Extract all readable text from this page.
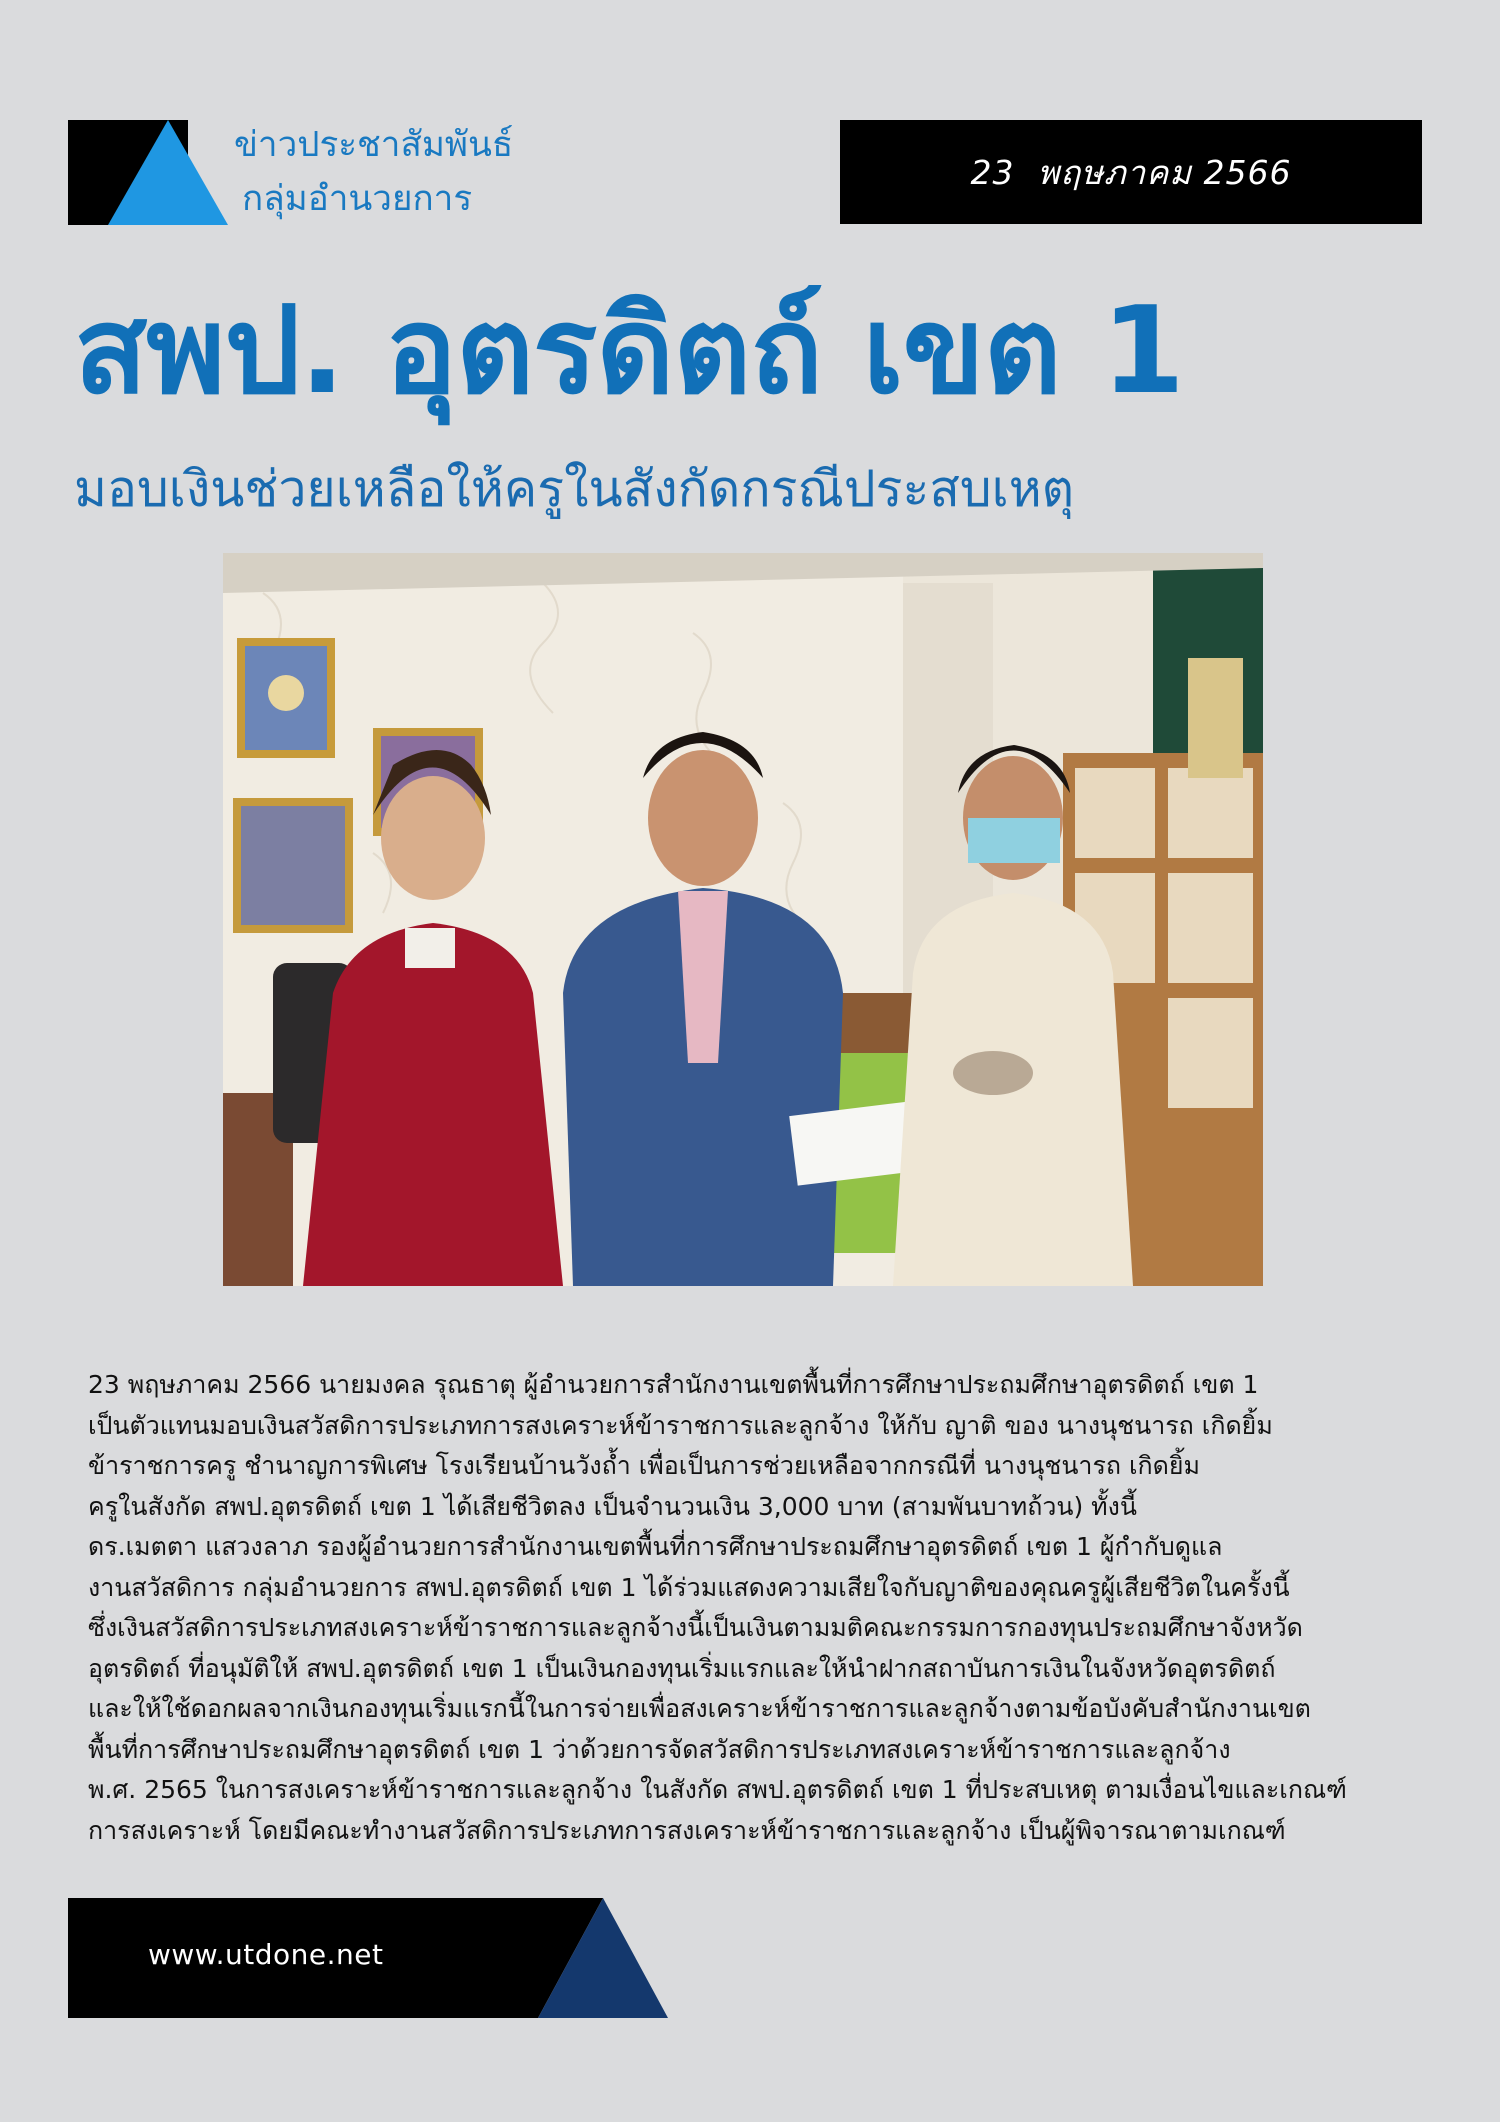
ข่าวประชาสัมพันธ์
กลุ่มอำนวยการ
23  พฤษภาคม 2566
สพป. อุตรดิตถ์ เขต 1
มอบเงินช่วยเหลือให้ครูในสังกัดกรณีประสบเหตุ

23 พฤษภาคม 2566 นายมงคล รุณธาตุ ผู้อำนวยการสำนักงานเขตพื้นที่การศึกษาประถมศึกษาอุตรดิตถ์ เขต 1

เป็นตัวแทนมอบเงินสวัสดิการประเภทการสงเคราะห์ข้าราชการและลูกจ้าง ให้กับ ญาติ ของ นางนุชนารถ เกิดยิ้ม

ข้าราชการครู ชำนาญการพิเศษ โรงเรียนบ้านวังถ้ำ เพื่อเป็นการช่วยเหลือจากกรณีที่ นางนุชนารถ เกิดยิ้ม

ครูในสังกัด สพป.อุตรดิตถ์ เขต 1 ได้เสียชีวิตลง เป็นจำนวนเงิน 3,000 บาท (สามพันบาทถ้วน) ทั้งนี้

ดร.เมตตา แสวงลาภ รองผู้อำนวยการสำนักงานเขตพื้นที่การศึกษาประถมศึกษาอุตรดิตถ์ เขต 1 ผู้กำกับดูแล

งานสวัสดิการ กลุ่มอำนวยการ สพป.อุตรดิตถ์ เขต 1 ได้ร่วมแสดงความเสียใจกับญาติของคุณครูผู้เสียชีวิตในครั้งนี้

ซึ่งเงินสวัสดิการประเภทสงเคราะห์ข้าราชการและลูกจ้างนี้เป็นเงินตามมติคณะกรรมการกองทุนประถมศึกษาจังหวัด

อุตรดิตถ์ ที่อนุมัติให้ สพป.อุตรดิตถ์ เขต 1 เป็นเงินกองทุนเริ่มแรกและให้นำฝากสถาบันการเงินในจังหวัดอุตรดิตถ์

และให้ใช้ดอกผลจากเงินกองทุนเริ่มแรกนี้ในการจ่ายเพื่อสงเคราะห์ข้าราชการและลูกจ้างตามข้อบังคับสำนักงานเขต

พื้นที่การศึกษาประถมศึกษาอุตรดิตถ์ เขต 1 ว่าด้วยการจัดสวัสดิการประเภทสงเคราะห์ข้าราชการและลูกจ้าง

พ.ศ. 2565 ในการสงเคราะห์ข้าราชการและลูกจ้าง ในสังกัด สพป.อุตรดิตถ์ เขต 1 ที่ประสบเหตุ ตามเงื่อนไขและเกณฑ์

การสงเคราะห์ โดยมีคณะทำงานสวัสดิการประเภทการสงเคราะห์ข้าราชการและลูกจ้าง เป็นผู้พิจารณาตามเกณฑ์

www.utdone.net
